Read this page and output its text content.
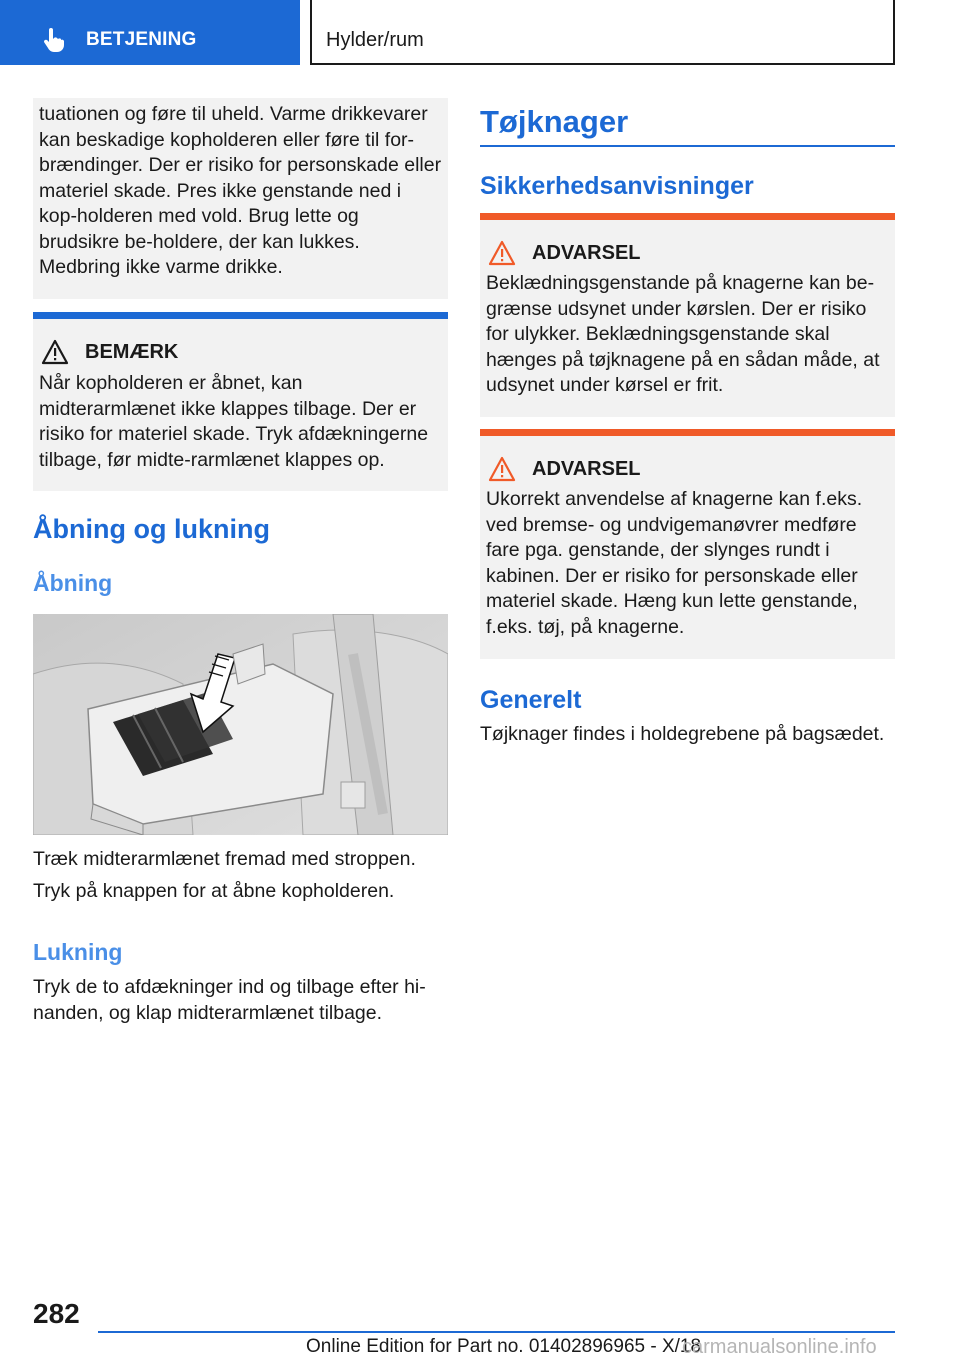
BETJENING	Hylder/rum

tuationen og føre til uheld. Varme drikkevarer kan beskadige kopholderen eller føre til for-brændinger. Der er risiko for personskade eller materiel skade. Pres ikke genstande ned i kop-holderen med vold. Brug lette og brudsikre be-holdere, der kan lukkes. Medbring ikke varme drikke.

BEMÆRK

Når kopholderen er åbnet, kan midterarmlænet ikke klappes tilbage. Der er risiko for materiel skade. Tryk afdækningerne tilbage, før midte-rarmlænet klappes op.

Åbning og lukning
Åbning

Træk midterarmlænet fremad med stroppen.

Tryk på knappen for at åbne kopholderen.

Lukning

Tryk de to afdækninger ind og tilbage efter hi-nanden, og klap midterarmlænet tilbage.

Tøjknager
Sikkerhedsanvisninger
ADVARSEL

Beklædningsgenstande på knagerne kan be-grænse udsynet under kørslen. Der er risiko for ulykker. Beklædningsgenstande skal hænges på tøjknagene på en sådan måde, at udsynet under kørsel er frit.

ADVARSEL

Ukorrekt anvendelse af knagerne kan f.eks. ved bremse- og undvigemanøvrer medføre fare pga. genstande, der slynges rundt i kabinen. Der er risiko for personskade eller materiel skade. Hæng kun lette genstande, f.eks. tøj, på knagerne.

Generelt

Tøjknager findes i holdegrebene på bagsædet.

282
Online Edition for Part no. 01402896965 - X/18
carmanualsonline.info
